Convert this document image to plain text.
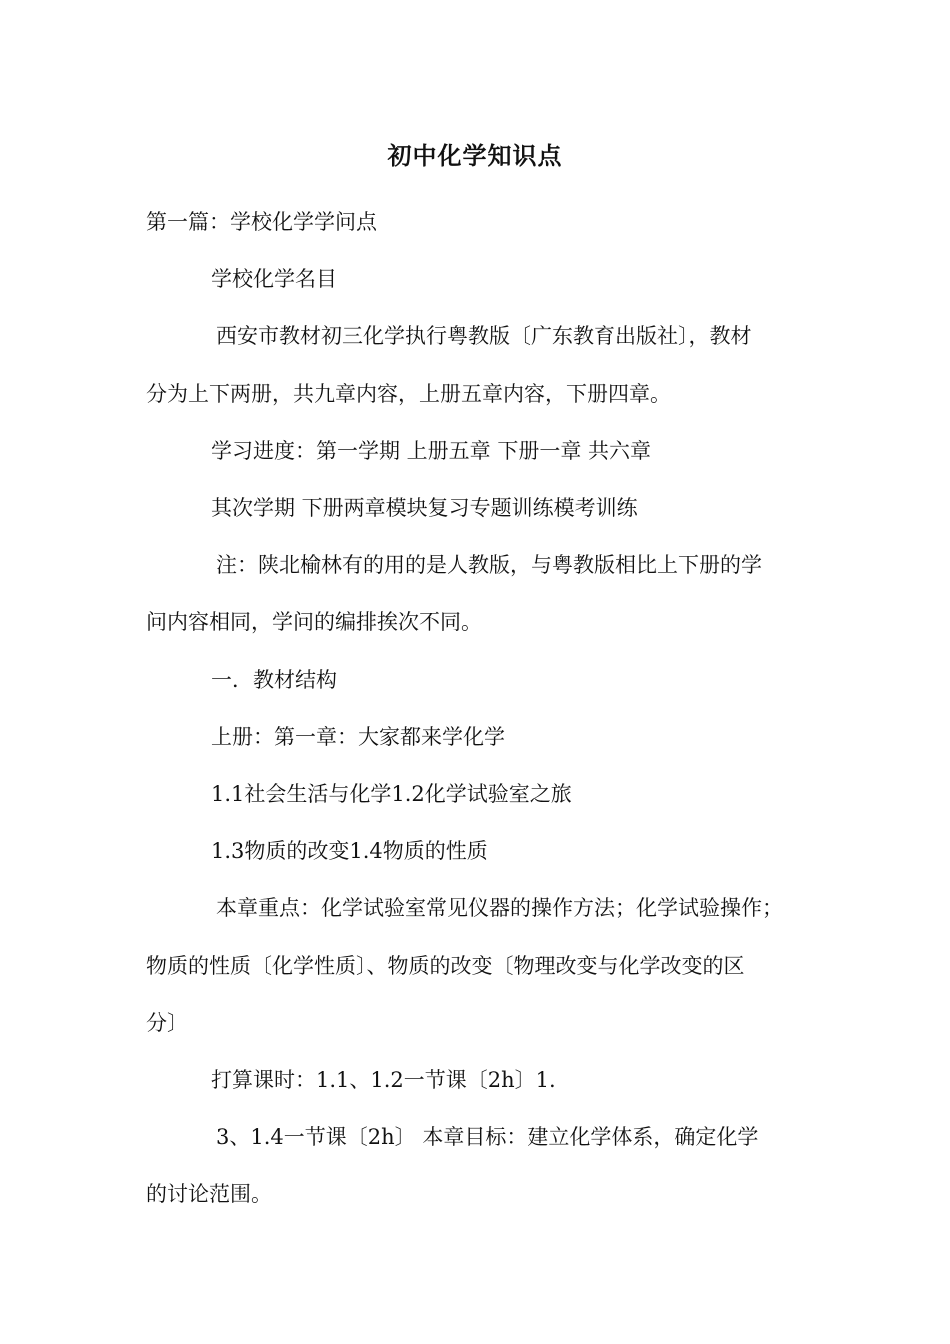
初中化学知识点
第一篇：学校化学学问点
学校化学名目
西安市教材初三化学执行粤教版〔广东教育出版社〕，教材
分为上下两册，共九章内容，上册五章内容，下册四章。
学习进度：第一学期 上册五章 下册一章 共六章
其次学期 下册两章模块复习专题训练模考训练
注：陕北榆林有的用的是人教版，与粤教版相比上下册的学
问内容相同，学问的编排挨次不同。
一．教材结构
上册：第一章：大家都来学化学
1.1社会生活与化学1.2化学试验室之旅
1.3物质的改变1.4物质的性质
本章重点：化学试验室常见仪器的操作方法；化学试验操作；
物质的性质〔化学性质〕、物质的改变〔物理改变与化学改变的区
分〕
打算课时：1.1、1.2一节课〔2h〕1.
3、1.4一节课〔2h〕 本章目标：建立化学体系，确定化学
的讨论范围。
